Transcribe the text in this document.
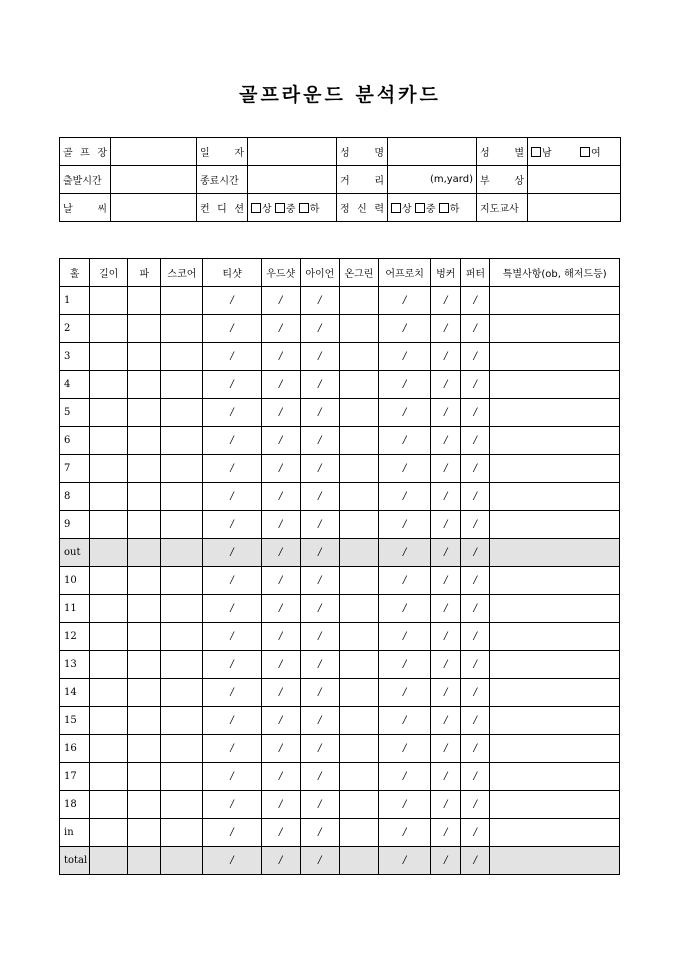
골프라운드 분석카드
골 프 장		일 자		성 명		성 별	남 여
출발시간		종료시간		거 리	(m,yard)	부 상	
날 씨		컨 디 션	상 중 하	정 신 력	상 중 하	지도교사	
홀	길이	파	스코어	티샷	우드샷	아이언	온그린	어프로치	벙커	퍼터	특별사항(ob, 해저드등)
1				/	/	/		/	/	/	
2				/	/	/		/	/	/	
3				/	/	/		/	/	/	
4				/	/	/		/	/	/	
5				/	/	/		/	/	/	
6				/	/	/		/	/	/	
7				/	/	/		/	/	/	
8				/	/	/		/	/	/	
9				/	/	/		/	/	/	
out				/	/	/		/	/	/	
10				/	/	/		/	/	/	
11				/	/	/		/	/	/	
12				/	/	/		/	/	/	
13				/	/	/		/	/	/	
14				/	/	/		/	/	/	
15				/	/	/		/	/	/	
16				/	/	/		/	/	/	
17				/	/	/		/	/	/	
18				/	/	/		/	/	/	
in				/	/	/		/	/	/	
total				/	/	/		/	/	/	
